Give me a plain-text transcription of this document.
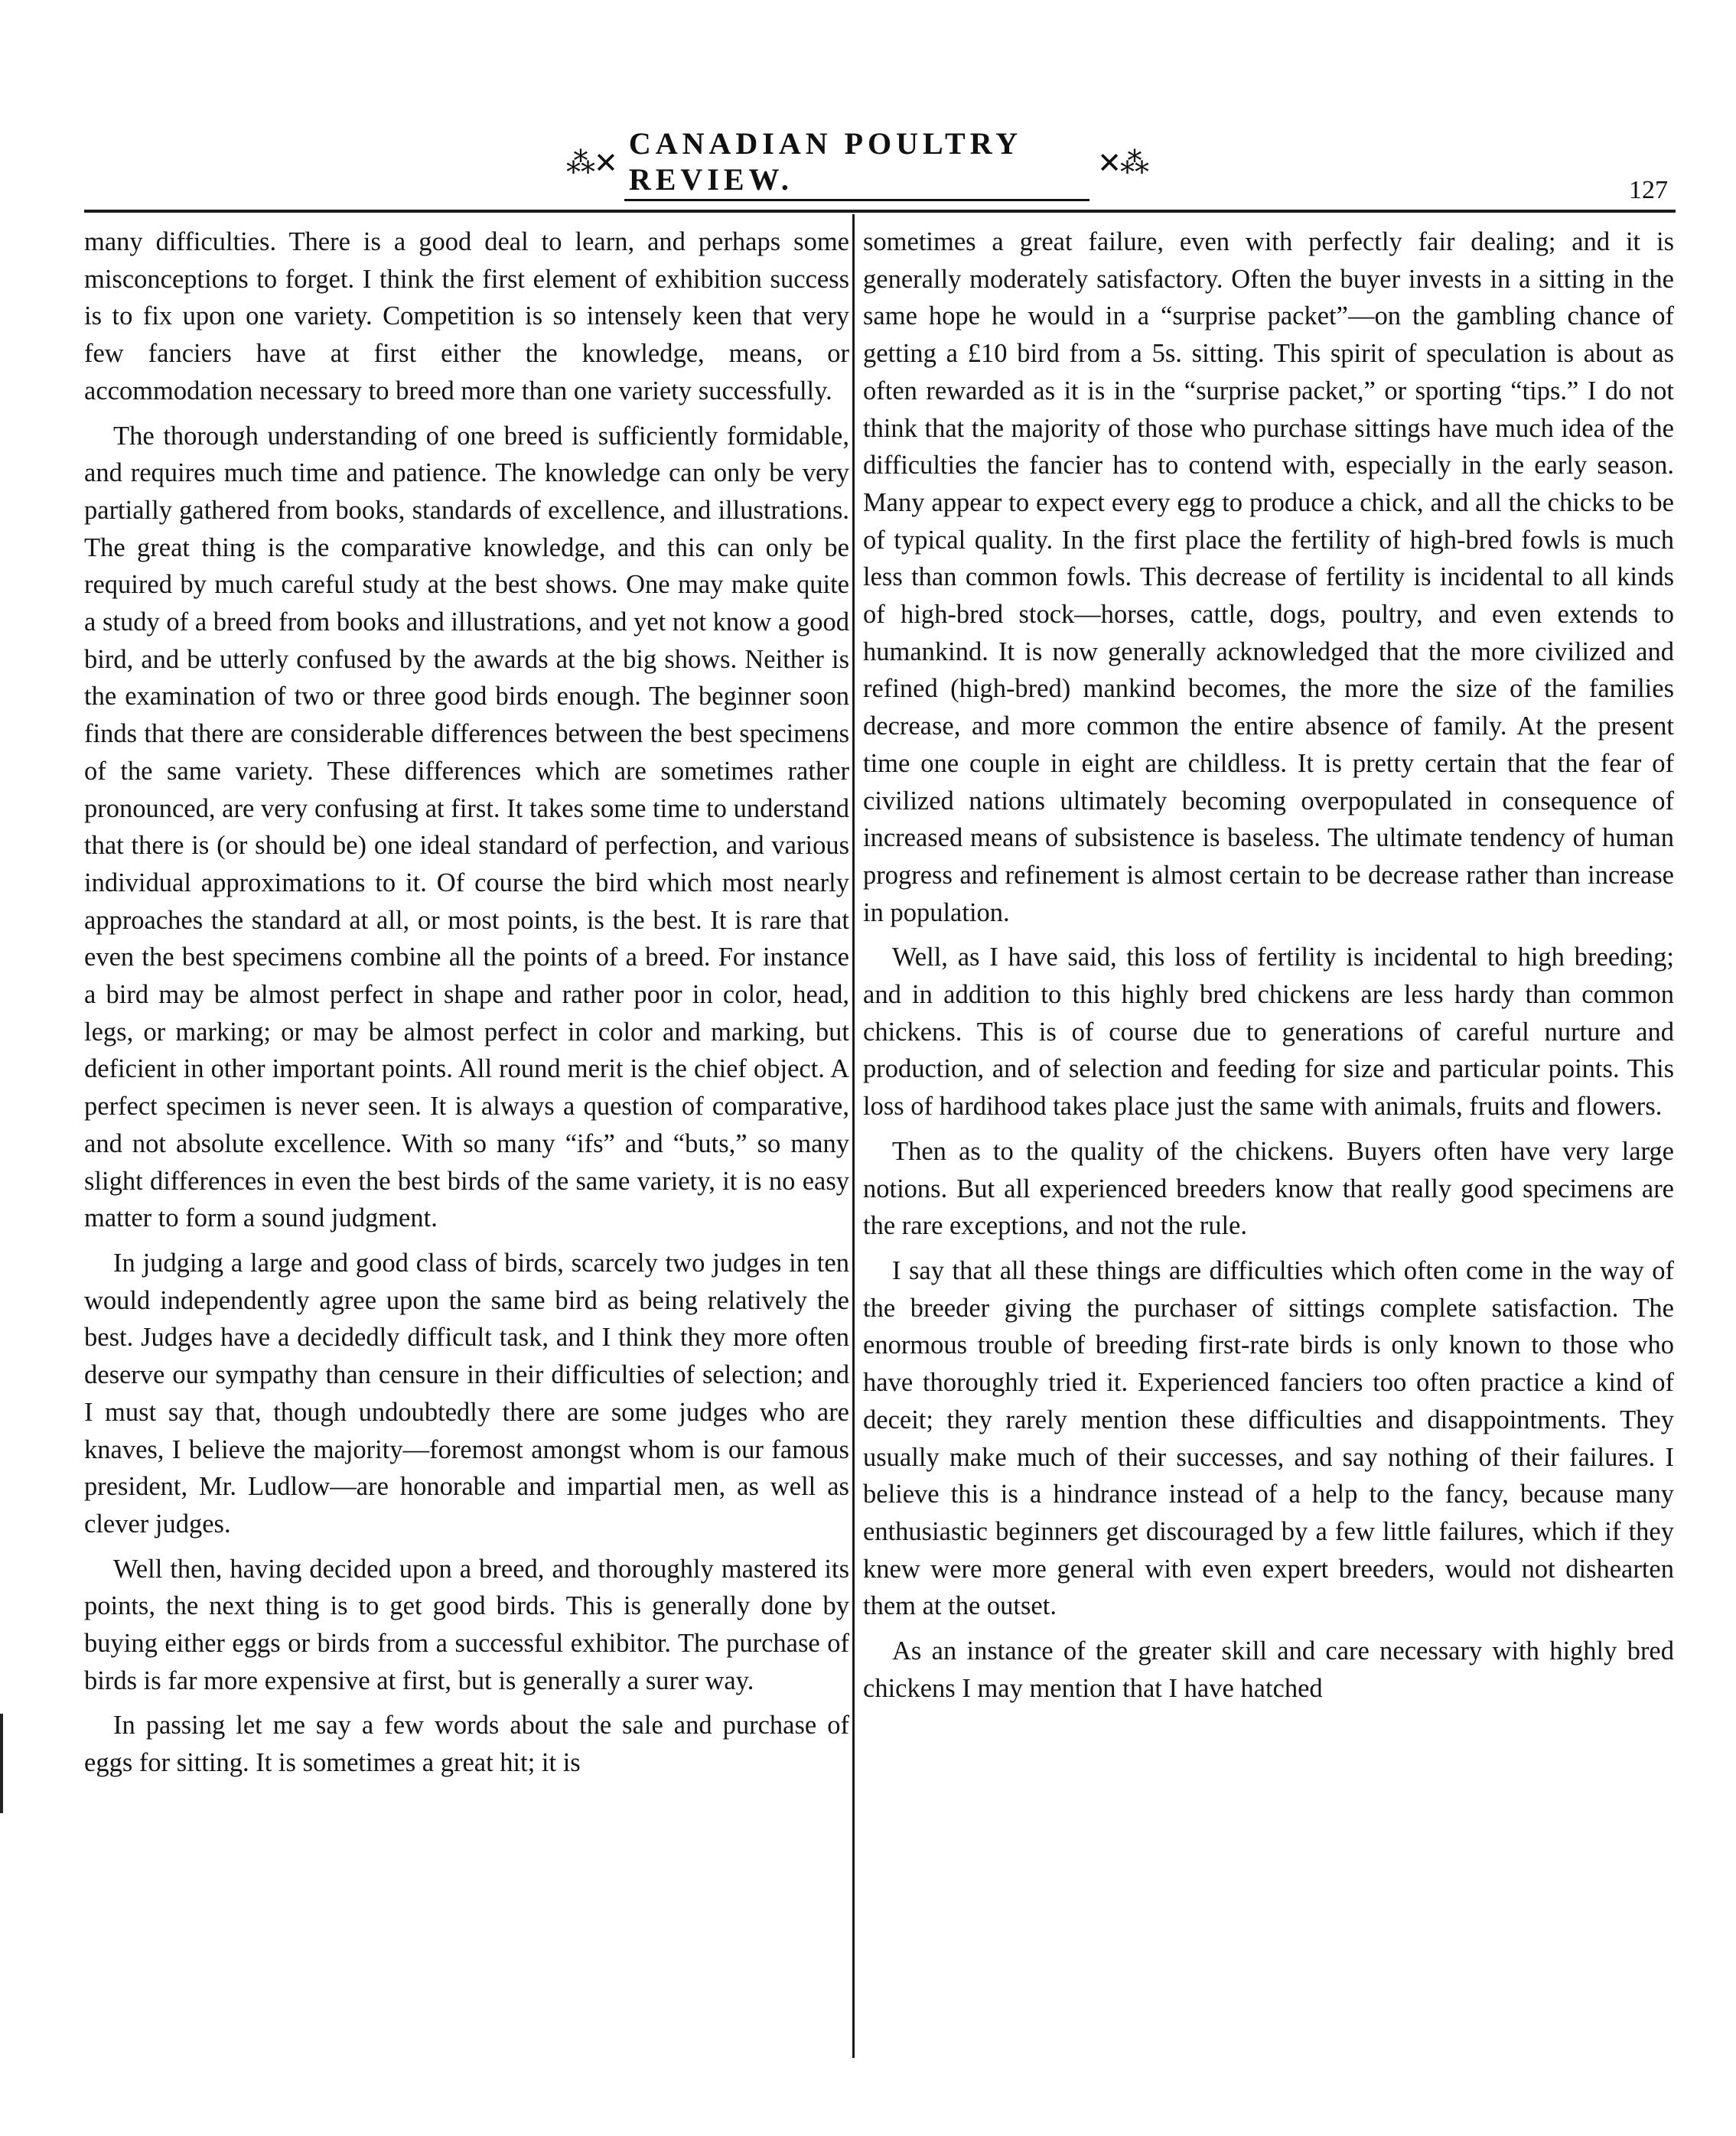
⁂✕
CANADIAN POULTRY REVIEW.	✕⁂
127

many difficulties. There is a good deal to learn, and perhaps some misconceptions to forget. I think the first element of exhibition success is to fix upon one variety. Competition is so intensely keen that very few fanciers have at first either the knowledge, means, or accommodation necessary to breed more than one variety successfully.

The thorough understanding of one breed is sufficiently formidable, and requires much time and patience. The knowledge can only be very partially gathered from books, standards of excellence, and illustrations. The great thing is the comparative knowledge, and this can only be required by much careful study at the best shows. One may make quite a study of a breed from books and illustrations, and yet not know a good bird, and be utterly confused by the awards at the big shows. Neither is the examination of two or three good birds enough. The beginner soon finds that there are considerable differences between the best specimens of the same variety. These differences which are sometimes rather pronounced, are very confusing at first. It takes some time to understand that there is (or should be) one ideal standard of perfection, and various individual approximations to it. Of course the bird which most nearly approaches the standard at all, or most points, is the best. It is rare that even the best specimens combine all the points of a breed. For instance a bird may be almost perfect in shape and rather poor in color, head, legs, or marking; or may be almost perfect in color and marking, but deficient in other important points. All round merit is the chief object. A perfect specimen is never seen. It is always a question of comparative, and not absolute excellence. With so many “ifs” and “buts,” so many slight differences in even the best birds of the same variety, it is no easy matter to form a sound judgment.

In judging a large and good class of birds, scarcely two judges in ten would independently agree upon the same bird as being relatively the best. Judges have a decidedly difficult task, and I think they more often deserve our sympathy than censure in their difficulties of selection; and I must say that, though undoubtedly there are some judges who are knaves, I believe the majority—foremost amongst whom is our famous president, Mr. Ludlow—are honorable and impartial men, as well as clever judges.

Well then, having decided upon a breed, and thoroughly mastered its points, the next thing is to get good birds. This is generally done by buying either eggs or birds from a successful exhibitor. The purchase of birds is far more expensive at first, but is generally a surer way.

In passing let me say a few words about the sale and purchase of eggs for sitting. It is sometimes a great hit; it is

sometimes a great failure, even with perfectly fair dealing; and it is generally moderately satisfactory. Often the buyer invests in a sitting in the same hope he would in a “surprise packet”—on the gambling chance of getting a £10 bird from a 5s. sitting. This spirit of speculation is about as often rewarded as it is in the “surprise packet,” or sporting “tips.” I do not think that the majority of those who purchase sittings have much idea of the difficulties the fancier has to contend with, especially in the early season. Many appear to expect every egg to produce a chick, and all the chicks to be of typical quality. In the first place the fertility of high-bred fowls is much less than common fowls. This decrease of fertility is incidental to all kinds of high-bred stock—horses, cattle, dogs, poultry, and even extends to humankind. It is now generally acknowledged that the more civilized and refined (high-bred) mankind becomes, the more the size of the families decrease, and more common the entire absence of family. At the present time one couple in eight are childless. It is pretty certain that the fear of civilized nations ultimately becoming overpopulated in consequence of increased means of subsistence is baseless. The ultimate tendency of human progress and refinement is almost certain to be decrease rather than increase in population.

Well, as I have said, this loss of fertility is incidental to high breeding; and in addition to this highly bred chickens are less hardy than common chickens. This is of course due to generations of careful nurture and production, and of selection and feeding for size and particular points. This loss of hardihood takes place just the same with animals, fruits and flowers.

Then as to the quality of the chickens. Buyers often have very large notions. But all experienced breeders know that really good specimens are the rare exceptions, and not the rule.

I say that all these things are difficulties which often come in the way of the breeder giving the purchaser of sittings complete satisfaction. The enormous trouble of breeding first-rate birds is only known to those who have thoroughly tried it. Experienced fanciers too often practice a kind of deceit; they rarely mention these difficulties and disappointments. They usually make much of their successes, and say nothing of their failures. I believe this is a hindrance instead of a help to the fancy, because many enthusiastic beginners get discouraged by a few little failures, which if they knew were more general with even expert breeders, would not dishearten them at the outset.

As an instance of the greater skill and care necessary with highly bred chickens I may mention that I have hatched
